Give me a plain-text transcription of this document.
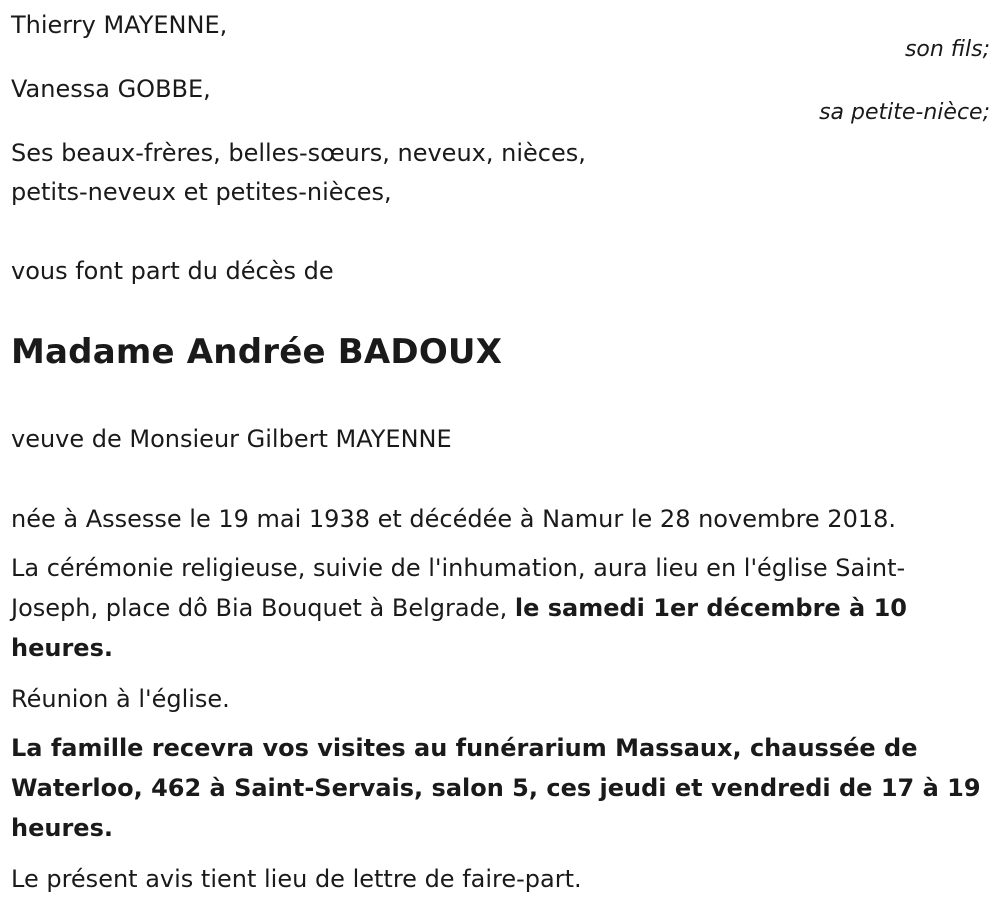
Thierry MAYENNE,
son fils;
Vanessa GOBBE,
sa petite-nièce;
Ses beaux-frères, belles-sœurs, neveux, nièces,
petits-neveux et petites-nièces,
vous font part du décès de
Madame Andrée BADOUX
veuve de Monsieur Gilbert MAYENNE
née à Assesse le 19 mai 1938 et décédée à Namur le 28 novembre 2018.
La cérémonie religieuse, suivie de l'inhumation, aura lieu en l'église Saint-Joseph, place dô Bia Bouquet à Belgrade, le samedi 1er décembre à 10 heures.
Réunion à l'église.
La famille recevra vos visites au funérarium Massaux, chaussée de Waterloo, 462 à Saint-Servais, salon 5, ces jeudi et vendredi de 17 à 19 heures.
Le présent avis tient lieu de lettre de faire-part.
